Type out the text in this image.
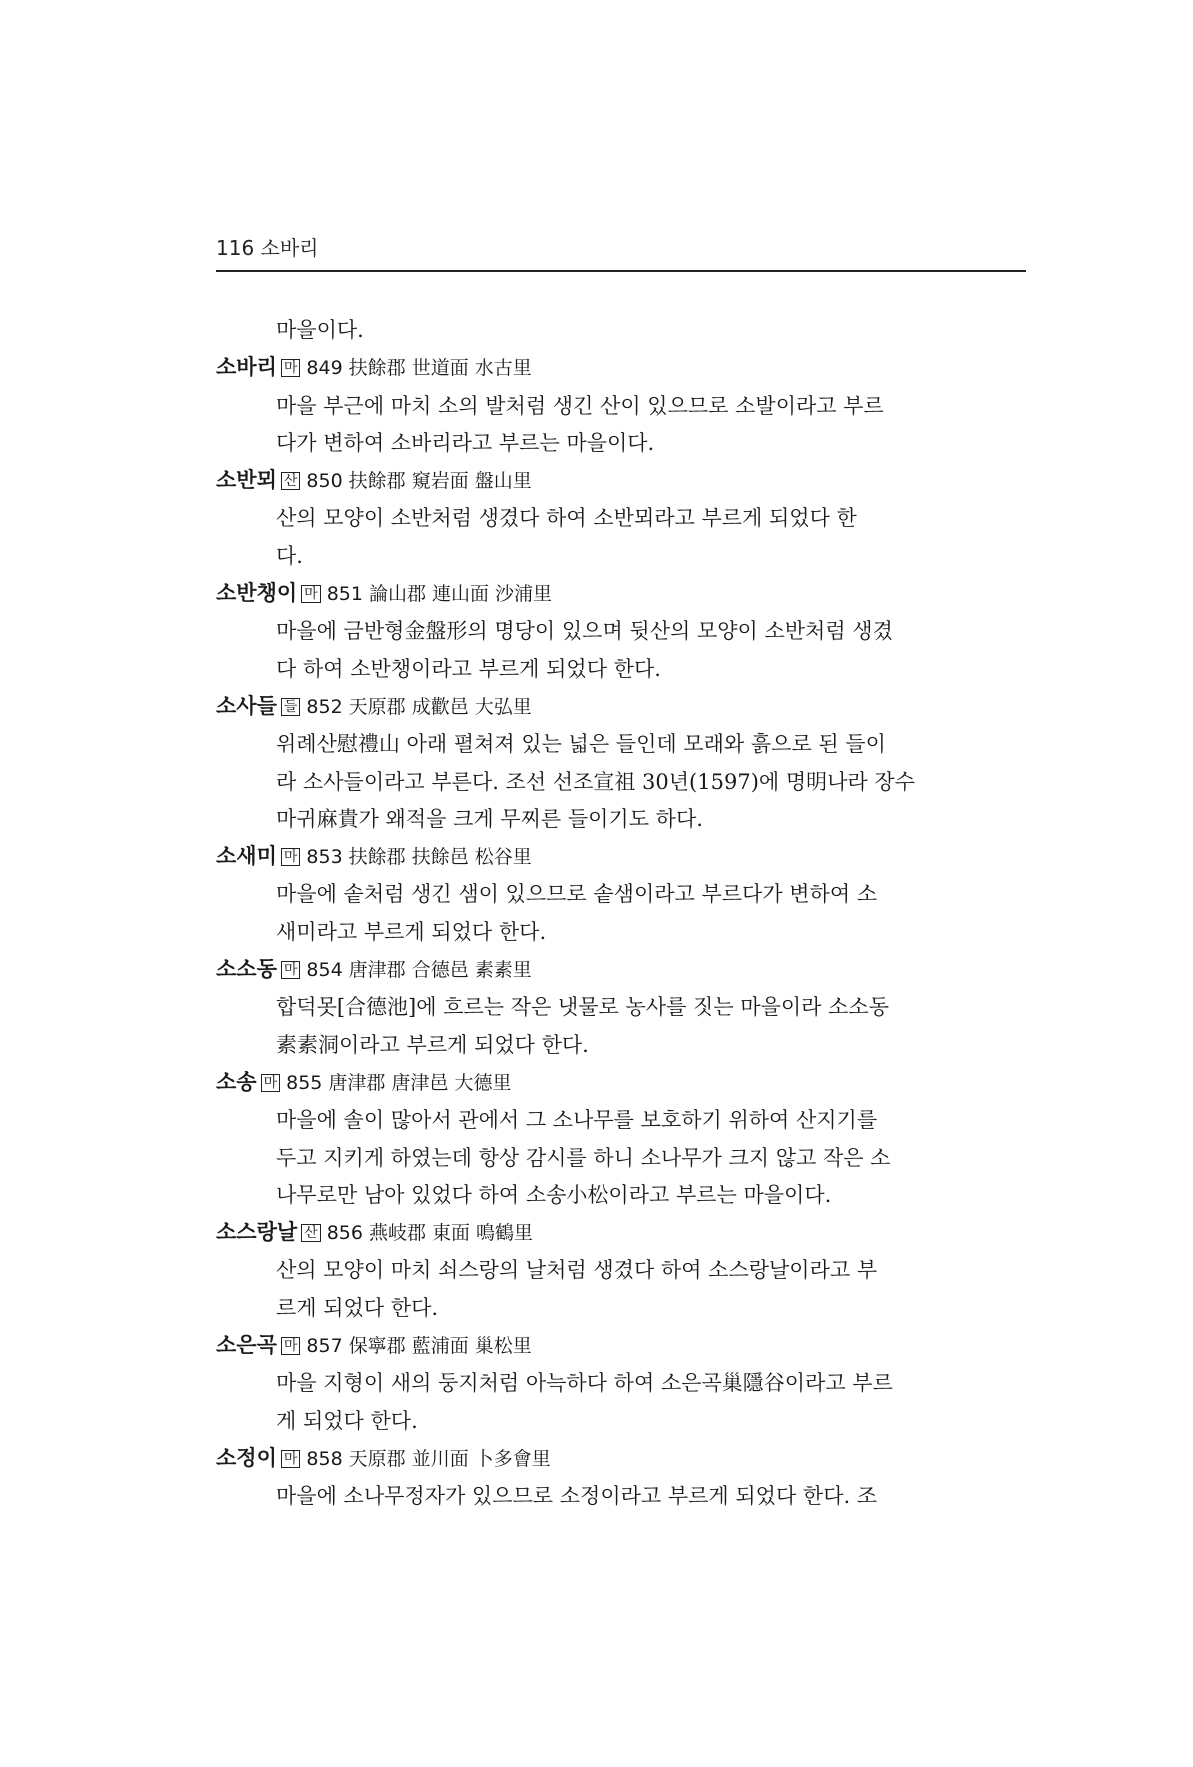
116 소바리
마을이다.
소바리 마 849 扶餘郡 世道面 水古里
마을 부근에 마치 소의 발처럼 생긴 산이 있으므로 소발이라고 부르
다가 변하여 소바리라고 부르는 마을이다.
소반뫼 산 850 扶餘郡 窺岩面 盤山里
산의 모양이 소반처럼 생겼다 하여 소반뫼라고 부르게 되었다 한
다.
소반챙이 마 851 論山郡 連山面 沙浦里
마을에 금반형金盤形의 명당이 있으며 뒷산의 모양이 소반처럼 생겼
다 하여 소반챙이라고 부르게 되었다 한다.
소사들 들 852 天原郡 成歡邑 大弘里
위례산慰禮山 아래 펼쳐져 있는 넓은 들인데 모래와 흙으로 된 들이
라 소사들이라고 부른다. 조선 선조宣祖 30년(1597)에 명明나라 장수
마귀麻貴가 왜적을 크게 무찌른 들이기도 하다.
소새미 마 853 扶餘郡 扶餘邑 松谷里
마을에 솥처럼 생긴 샘이 있으므로 솥샘이라고 부르다가 변하여 소
새미라고 부르게 되었다 한다.
소소동 마 854 唐津郡 合德邑 素素里
합덕못[合德池]에 흐르는 작은 냇물로 농사를 짓는 마을이라 소소동
素素洞이라고 부르게 되었다 한다.
소송 마 855 唐津郡 唐津邑 大德里
마을에 솔이 많아서 관에서 그 소나무를 보호하기 위하여 산지기를
두고 지키게 하였는데 항상 감시를 하니 소나무가 크지 않고 작은 소
나무로만 남아 있었다 하여 소송小松이라고 부르는 마을이다.
소스랑날 산 856 燕岐郡 東面 鳴鶴里
산의 모양이 마치 쇠스랑의 날처럼 생겼다 하여 소스랑날이라고 부
르게 되었다 한다.
소은곡 마 857 保寧郡 藍浦面 巢松里
마을 지형이 새의 둥지처럼 아늑하다 하여 소은곡巢隱谷이라고 부르
게 되었다 한다.
소정이 마 858 天原郡 並川面 卜多會里
마을에 소나무정자가 있으므로 소정이라고 부르게 되었다 한다. 조
